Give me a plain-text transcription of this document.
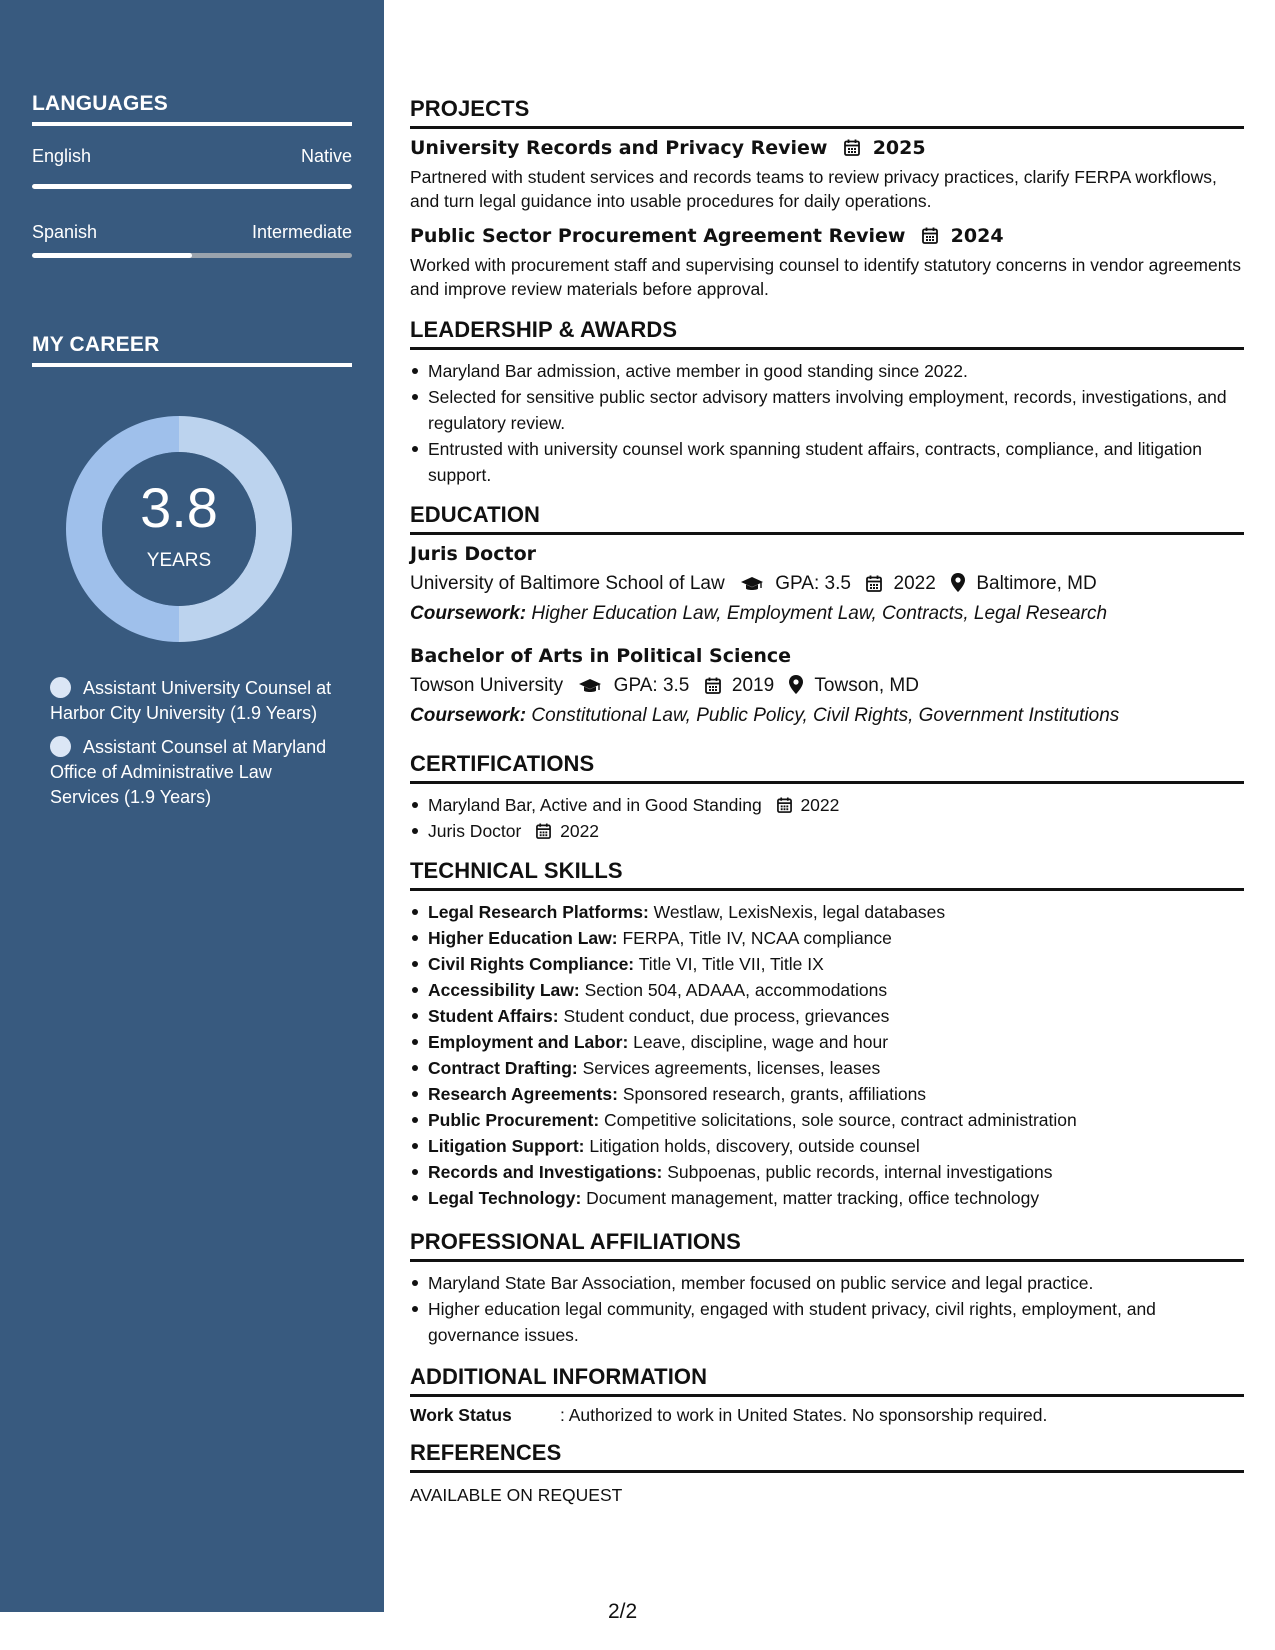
LANGUAGES
English	Native
Spanish	Intermediate
MY CAREER
3.8
YEARS
Assistant University Counsel at Harbor City University (1.9 Years)
Assistant Counsel at Maryland Office of Administrative Law Services (1.9 Years)
PROJECTS
University Records and Privacy Review 2025
Partnered with student services and records teams to review privacy practices, clarify FERPA workflows, and turn legal guidance into usable procedures for daily operations.
Public Sector Procurement Agreement Review 2024
Worked with procurement staff and supervising counsel to identify statutory concerns in vendor agreements and improve review materials before approval.
LEADERSHIP & AWARDS
Maryland Bar admission, active member in good standing since 2022.
Selected for sensitive public sector advisory matters involving employment, records, investigations, and regulatory review.
Entrusted with university counsel work spanning student affairs, contracts, compliance, and litigation support.
EDUCATION
Juris Doctor
University of Baltimore School of Law	GPA: 3.5 2022 Baltimore, MD
Coursework: Higher Education Law, Employment Law, Contracts, Legal Research
Bachelor of Arts in Political Science
Towson University	GPA: 3.5 2019 Towson, MD
Coursework: Constitutional Law, Public Policy, Civil Rights, Government Institutions
CERTIFICATIONS
Maryland Bar, Active and in Good Standing 2022
Juris Doctor 2022
TECHNICAL SKILLS
Legal Research Platforms: Westlaw, LexisNexis, legal databases
Higher Education Law: FERPA, Title IV, NCAA compliance
Civil Rights Compliance: Title VI, Title VII, Title IX
Accessibility Law: Section 504, ADAAA, accommodations
Student Affairs: Student conduct, due process, grievances
Employment and Labor: Leave, discipline, wage and hour
Contract Drafting: Services agreements, licenses, leases
Research Agreements: Sponsored research, grants, affiliations
Public Procurement: Competitive solicitations, sole source, contract administration
Litigation Support: Litigation holds, discovery, outside counsel
Records and Investigations: Subpoenas, public records, internal investigations
Legal Technology: Document management, matter tracking, office technology
PROFESSIONAL AFFILIATIONS
Maryland State Bar Association, member focused on public service and legal practice.
Higher education legal community, engaged with student privacy, civil rights, employment, and governance issues.
ADDITIONAL INFORMATION
Work Status	: Authorized to work in United States. No sponsorship required.
REFERENCES
AVAILABLE ON REQUEST
2/2
